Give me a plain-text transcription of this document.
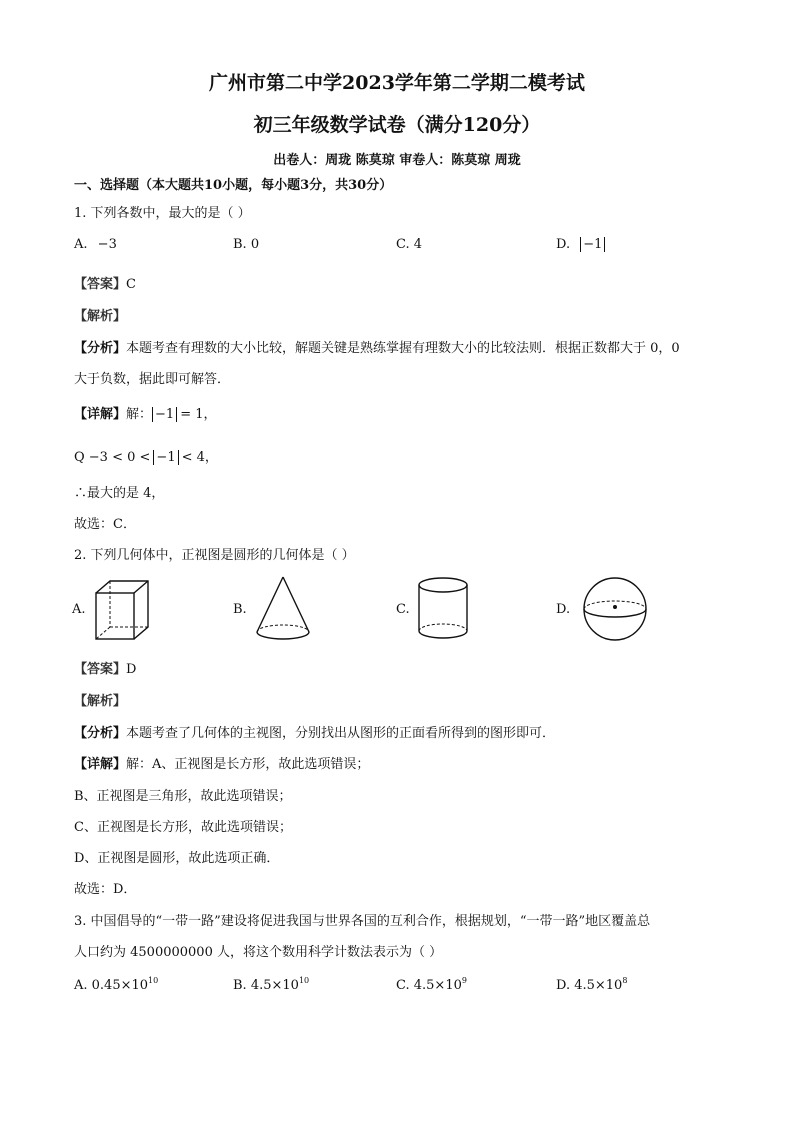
广州市第二中学2023学年第二学期二模考试
初三年级数学试卷（满分120分）
出卷人：周珑 陈莫琼 审卷人：陈莫琼 周珑
一、选择题（本大题共10小题，每小题3分，共30分）
1. 下列各数中，最大的是（ ）
A. −3	B. 0	C. 4	D. −1
【答案】C
【解析】
【分析】本题考查有理数的大小比较，解题关键是熟练掌握有理数大小的比较法则．根据正数都大于 0，0
大于负数，据此即可解答．
【详解】解： −1 = 1，
Q −3 < 0 < −1 < 4，
∴最大的是 4，
故选：C．
2. 下列几何体中，正视图是圆形的几何体是（ ）
A.	B.	C.	D.
【答案】D
【解析】
【分析】本题考查了几何体的主视图，分别找出从图形的正面看所得到的图形即可．
【详解】解：A、正视图是长方形，故此选项错误；
B、正视图是三角形，故此选项错误；
C、正视图是长方形，故此选项错误；
D、正视图是圆形，故此选项正确．
故选：D．
3. 中国倡导的“一带一路”建设将促进我国与世界各国的互利合作，根据规划，“一带一路”地区覆盖总
人口约为 4500000000 人，将这个数用科学计数法表示为（ ）
A. $0.45\times 10^{10}$	B. $4.5\times 10^{10}$	C. $4.5\times 10^9$	D. $4.5\times 10^8$
